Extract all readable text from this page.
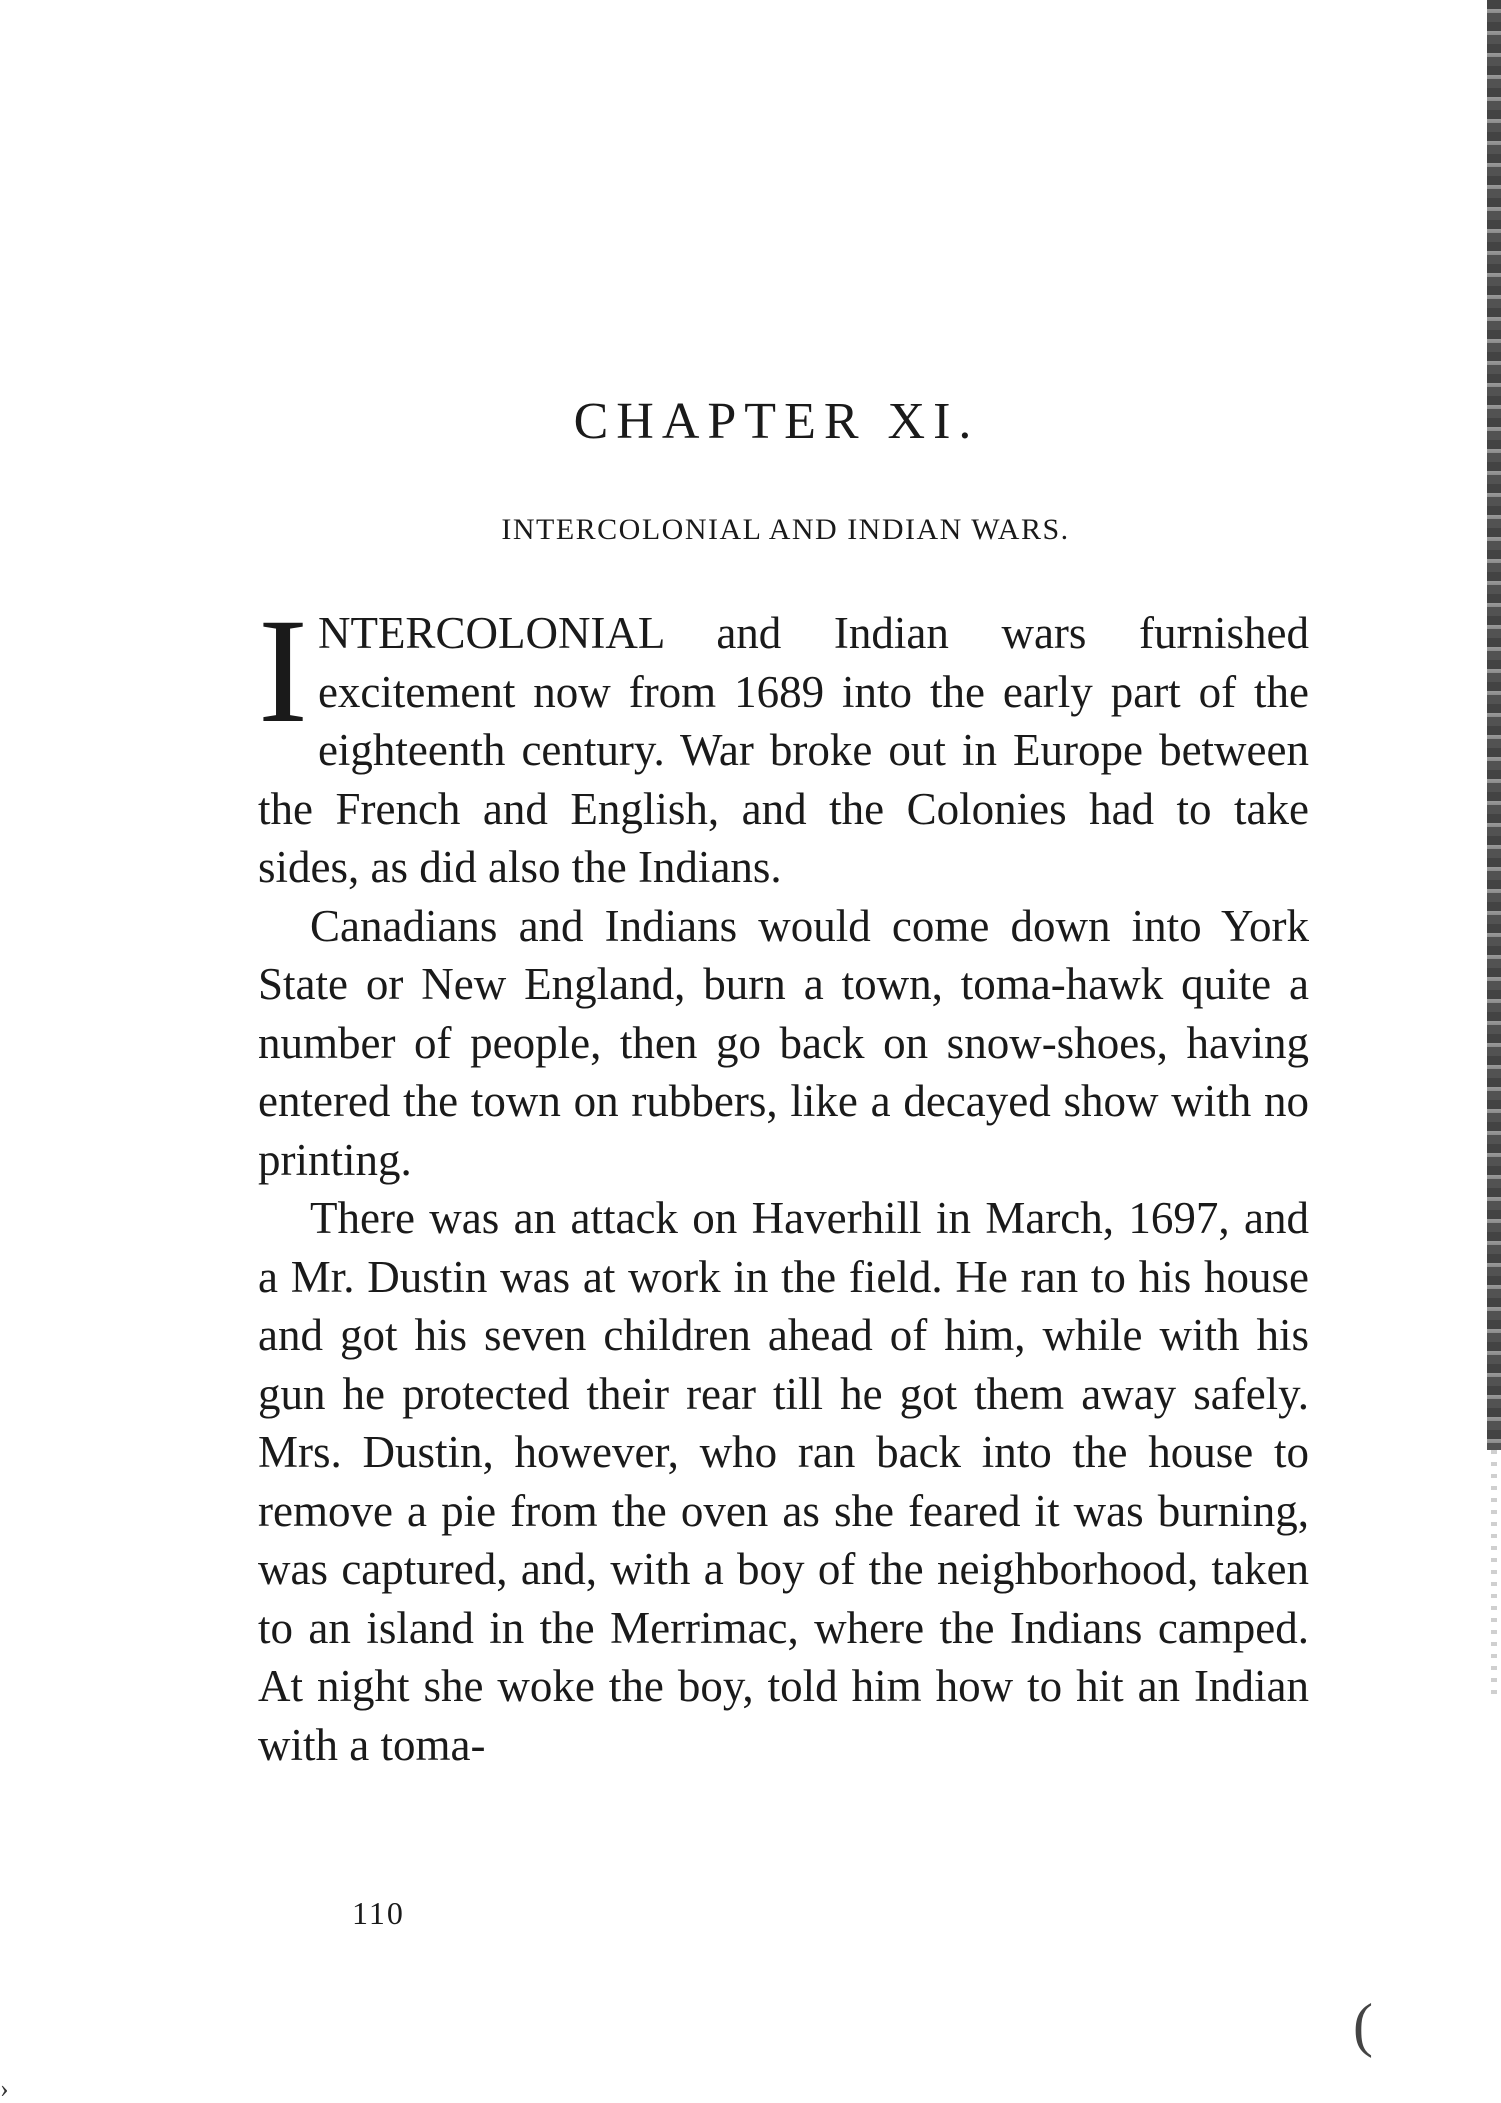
CHAPTER XI.
INTERCOLONIAL AND INDIAN WARS.

INTERCOLONIAL and Indian wars furnished excitement now from 1689 into the early part of the eighteenth century. War broke out in Europe between the French and English, and the Colonies had to take sides, as did also the Indians.

Canadians and Indians would come down into York State or New England, burn a town, toma-hawk quite a number of people, then go back on snow-shoes, having entered the town on rubbers, like a decayed show with no printing.

There was an attack on Haverhill in March, 1697, and a Mr. Dustin was at work in the field. He ran to his house and got his seven children ahead of him, while with his gun he protected their rear till he got them away safely. Mrs. Dustin, however, who ran back into the house to remove a pie from the oven as she feared it was burning, was captured, and, with a boy of the neighborhood, taken to an island in the Merrimac, where the Indians camped. At night she woke the boy, told him how to hit an Indian with a toma-

110

(
›
